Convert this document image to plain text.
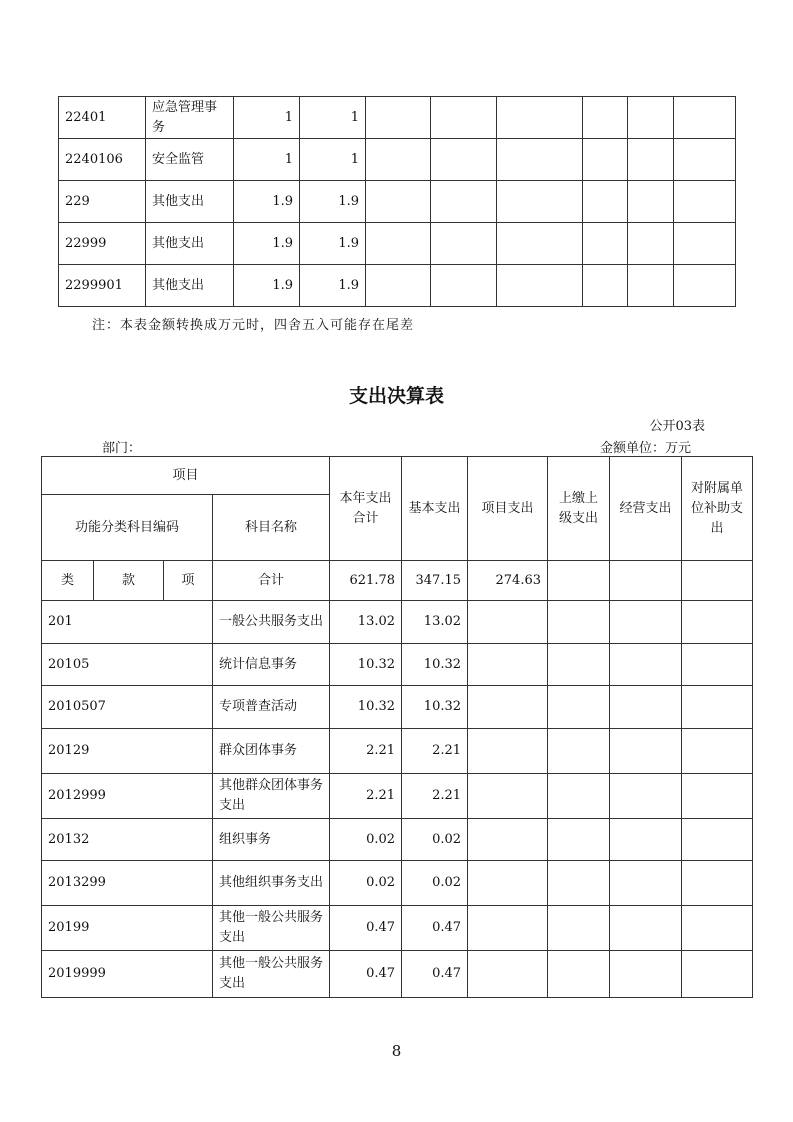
22401	应急管理事务	1	1						
2240106	安全监管	1	1						
229	其他支出	1.9	1.9						
22999	其他支出	1.9	1.9						
2299901	其他支出	1.9	1.9						
注：本表金额转换成万元时，四舍五入可能存在尾差
支出决算表
公开03表
部门：	金额单位：万元
项目				本年支出合计	基本支出	项目支出	上缴上级支出	经营支出	对附属单位补助支出
功能分类科目编码			科目名称						
类	款	项	合计	621.78	347.15	274.63			
201			一般公共服务支出	13.02	13.02				
20105			统计信息事务	10.32	10.32				
2010507			专项普查活动	10.32	10.32				
20129			群众团体事务	2.21	2.21				
2012999			其他群众团体事务支出	2.21	2.21				
20132			组织事务	0.02	0.02				
2013299			其他组织事务支出	0.02	0.02				
20199			其他一般公共服务支出	0.47	0.47				
2019999			其他一般公共服务支出	0.47	0.47				
8
